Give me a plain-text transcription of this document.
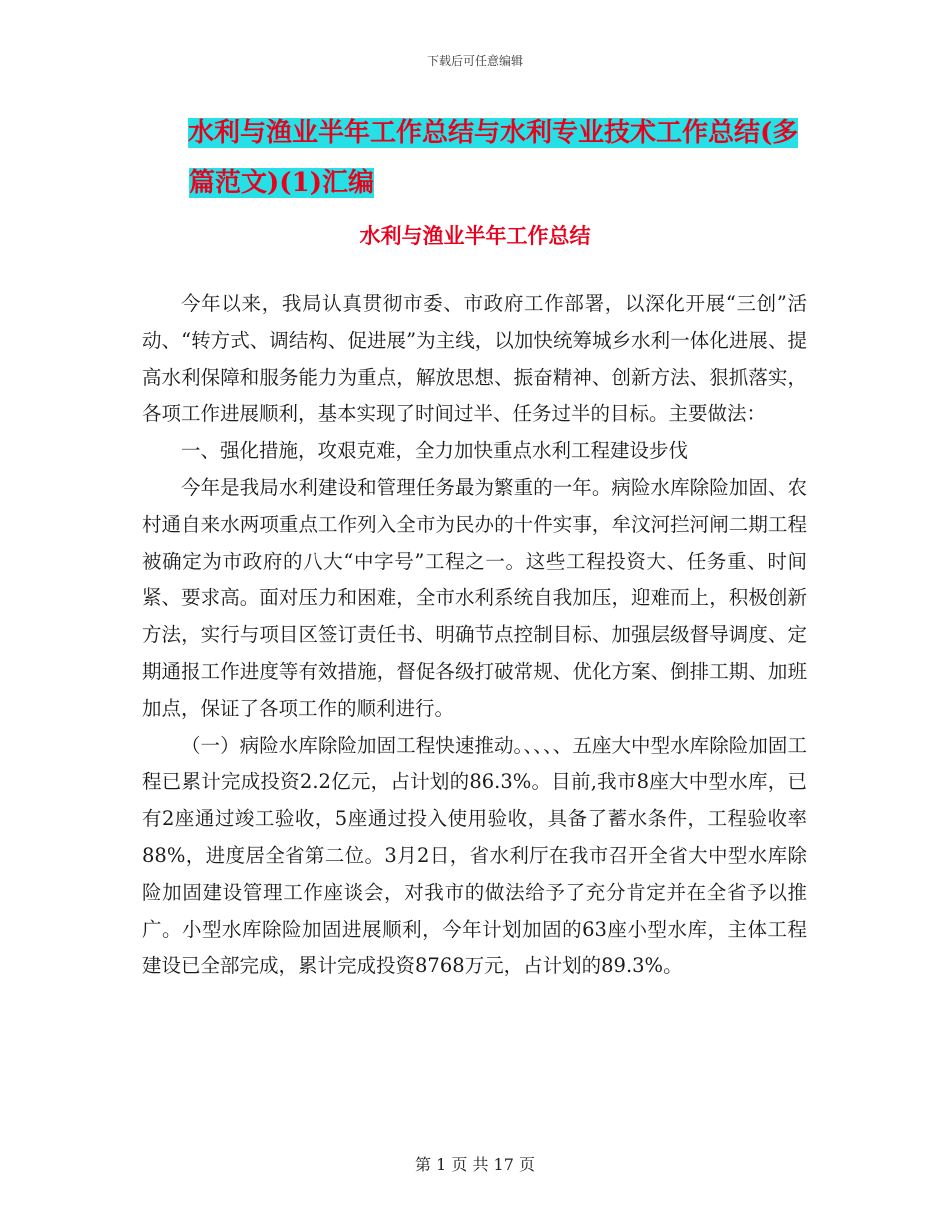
下载后可任意编辑
水利与渔业半年工作总结与水利专业技术工作总结(多
篇范文)(1)汇编
水利与渔业半年工作总结

今年以来，我局认真贯彻市委、市政府工作部署，以深化开展“三创”活动、“转方式、调结构、促进展”为主线，以加快统筹城乡水利一体化进展、提高水利保障和服务能力为重点，解放思想、振奋精神、创新方法、狠抓落实，各项工作进展顺利，基本实现了时间过半、任务过半的目标。主要做法：

一、强化措施，攻艰克难，全力加快重点水利工程建设步伐

今年是我局水利建设和管理任务最为繁重的一年。病险水库除险加固、农村通自来水两项重点工作列入全市为民办的十件实事，牟汶河拦河闸二期工程被确定为市政府的八大“中字号”工程之一。这些工程投资大、任务重、时间紧、要求高。面对压力和困难，全市水利系统自我加压，迎难而上，积极创新方法，实行与项目区签订责任书、明确节点控制目标、加强层级督导调度、定期通报工作进度等有效措施，督促各级打破常规、优化方案、倒排工期、加班加点，保证了各项工作的顺利进行。

（一）病险水库除险加固工程快速推动。、、、、五座大中型水库除险加固工程已累计完成投资2.2亿元，占计划的86.3%。目前,我市8座大中型水库，已有2座通过竣工验收，5座通过投入使用验收，具备了蓄水条件，工程验收率88%，进度居全省第二位。3月2日，省水利厅在我市召开全省大中型水库除险加固建设管理工作座谈会，对我市的做法给予了充分肯定并在全省予以推广。小型水库除险加固进展顺利，今年计划加固的63座小型水库，主体工程建设已全部完成，累计完成投资8768万元，占计划的89.3%。

第 1 页 共 17 页
